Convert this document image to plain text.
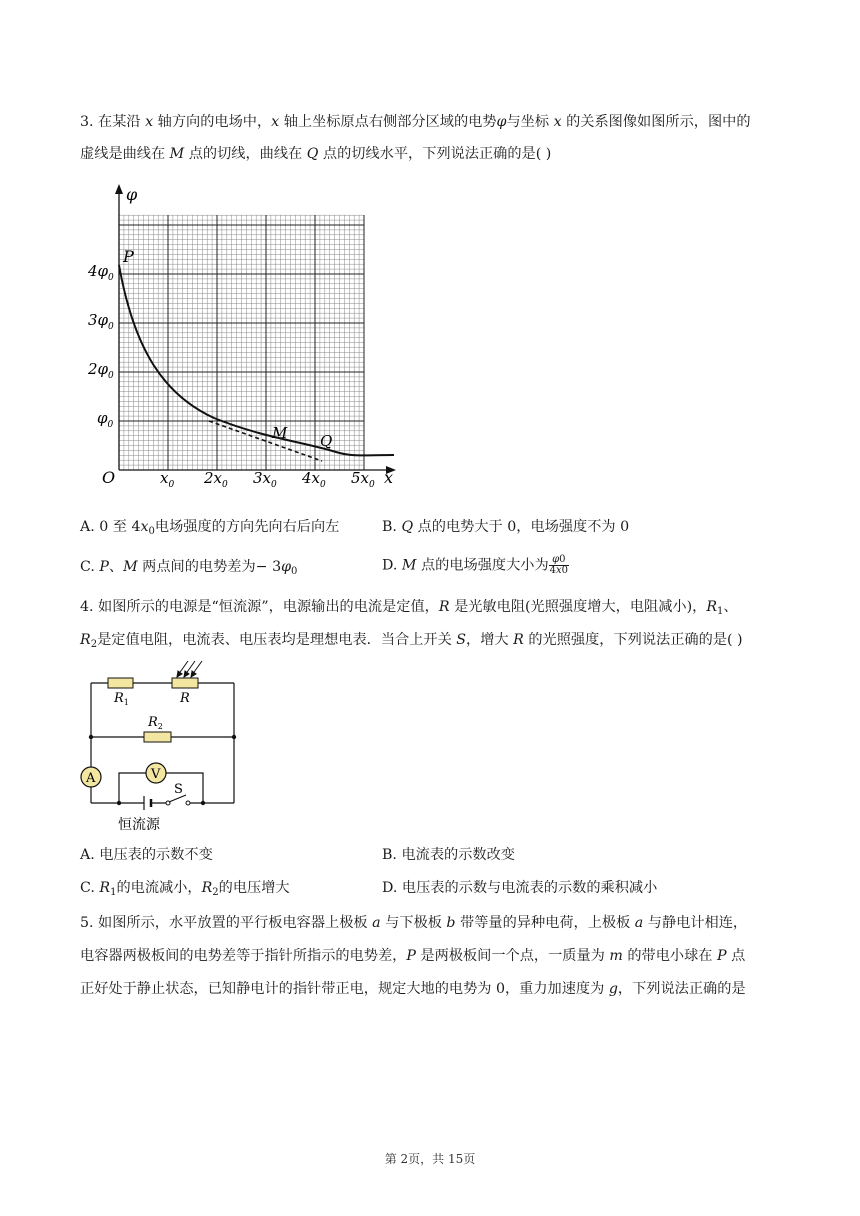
3. 在某沿 x 轴方向的电场中，x 轴上坐标原点右侧部分区域的电势φ与坐标 x 的关系图像如图所示，图中的
虚线是曲线在 M 点的切线，曲线在 Q 点的切线水平，下列说法正确的是( )
φ
x
O
P
M Q
$4\varphi_0$
$3\varphi_0$
$2\varphi_0$
$\varphi_0$
$x_0$ $2x_0$ $3x_0$ $4x_0$ $5x_0$
A. 0 至 $4x_0$电场强度的方向先向右后向左	B. Q 点的电势大于 0，电场强度不为 0
C. P、M 两点间的电势差为− $3\varphi_0$	D. M 点的电场强度大小为 $\frac{\varphi 0}{4x0}$
4. 如图所示的电源是“恒流源”，电源输出的电流是定值，R 是光敏电阻(光照强度增大，电阻减小)，$R_1$、
$R_2$是定值电阻，电流表、电压表均是理想电表．当合上开关 S，增大 R 的光照强度，下列说法正确的是( )
A	V
$R_1$	R
$R_2$
S
恒流源
A. 电压表的示数不变	B. 电流表的示数改变
C. $R_1$的电流减小，$R_2$的电压增大	D. 电压表的示数与电流表的示数的乘积减小
5. 如图所示，水平放置的平行板电容器上极板 a 与下极板 b 带等量的异种电荷，上极板 a 与静电计相连，
电容器两极板间的电势差等于指针所指示的电势差，P 是两极板间一个点，一质量为 m 的带电小球在 P 点
正好处于静止状态，已知静电计的指针带正电，规定大地的电势为 0，重力加速度为 g，下列说法正确的是
第 2页，共 15页
